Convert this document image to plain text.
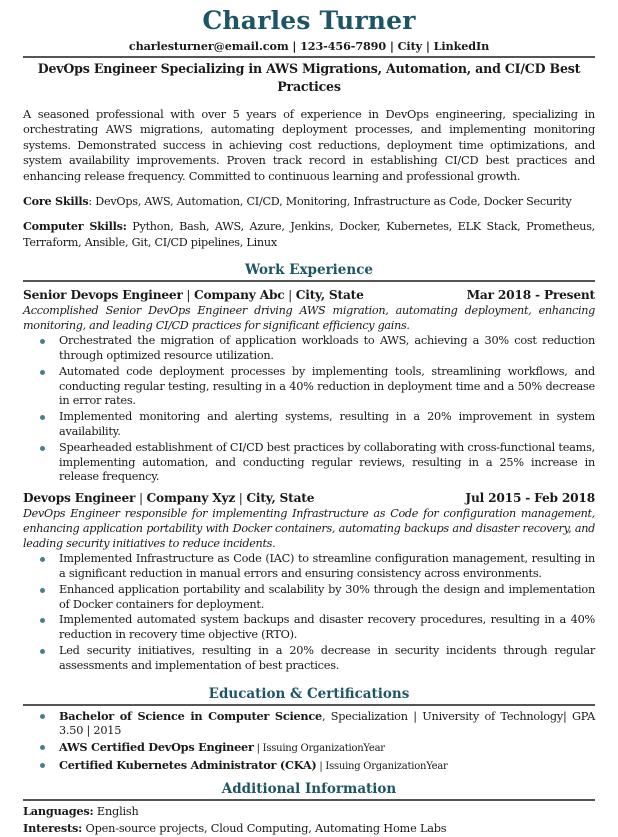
Charles Turner
charlesturner@email.com | 123-456-7890 | City | LinkedIn
DevOps Engineer Specializing in AWS Migrations, Automation, and CI/CD Best Practices

A seasoned professional with over 5 years of experience in DevOps engineering, specializing in orchestrating AWS migrations, automating deployment processes, and implementing monitoring systems. Demonstrated success in achieving cost reductions, deployment time optimizations, and system availability improvements. Proven track record in establishing CI/CD best practices and enhancing release frequency. Committed to continuous learning and professional growth.

Core Skills: DevOps, AWS, Automation, CI/CD, Monitoring, Infrastructure as Code, Docker Security
Computer Skills: Python, Bash, AWS, Azure, Jenkins, Docker, Kubernetes, ELK Stack, Prometheus, Terraform, Ansible, Git, CI/CD pipelines, Linux
Work Experience
Senior Devops Engineer | Company Abc | City, State	Mar 2018 - Present
Accomplished Senior DevOps Engineer driving AWS migration, automating deployment, enhancing monitoring, and leading CI/CD practices for significant efficiency gains.
Orchestrated the migration of application workloads to AWS, achieving a 30% cost reduction through optimized resource utilization.
Automated code deployment processes by implementing tools, streamlining workflows, and conducting regular testing, resulting in a 40% reduction in deployment time and a 50% decrease in error rates.
Implemented monitoring and alerting systems, resulting in a 20% improvement in system availability.
Spearheaded establishment of CI/CD best practices by collaborating with cross-functional teams, implementing automation, and conducting regular reviews, resulting in a 25% increase in release frequency.
Devops Engineer | Company Xyz | City, State	Jul 2015 - Feb 2018
DevOps Engineer responsible for implementing Infrastructure as Code for configuration management, enhancing application portability with Docker containers, automating backups and disaster recovery, and leading security initiatives to reduce incidents.
Implemented Infrastructure as Code (IAC) to streamline configuration management, resulting in a significant reduction in manual errors and ensuring consistency across environments.
Enhanced application portability and scalability by 30% through the design and implementation of Docker containers for deployment.
Implemented automated system backups and disaster recovery procedures, resulting in a 40% reduction in recovery time objective (RTO).
Led security initiatives, resulting in a 20% decrease in security incidents through regular assessments and implementation of best practices.
Education & Certifications
Bachelor of Science in Computer Science, Specialization | University of Technology| GPA 3.50 | 2015
AWS Certified DevOps Engineer | Issuing OrganizationYear
Certified Kubernetes Administrator (CKA) | Issuing OrganizationYear
Additional Information
Languages: English
Interests: Open-source projects, Cloud Computing, Automating Home Labs
